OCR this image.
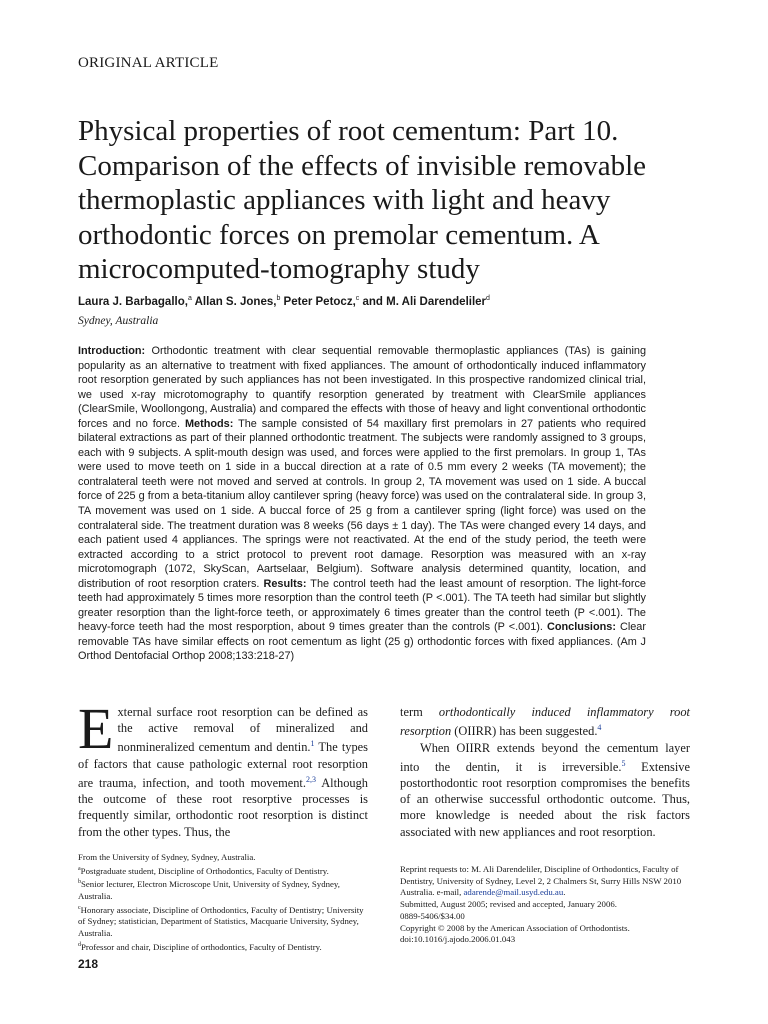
ORIGINAL ARTICLE
Physical properties of root cementum: Part 10. Comparison of the effects of invisible removable thermoplastic appliances with light and heavy orthodontic forces on premolar cementum. A microcomputed-tomography study
Laura J. Barbagallo,$^a$ Allan S. Jones,$^b$ Peter Petocz,$^c$ and M. Ali Darendeliler$^d$
Sydney, Australia
Introduction: Orthodontic treatment with clear sequential removable thermoplastic appliances (TAs) is gaining popularity as an alternative to treatment with fixed appliances. The amount of orthodontically induced inflammatory root resorption generated by such appliances has not been investigated. In this prospective randomized clinical trial, we used x-ray microtomography to quantify resorption generated by treatment with ClearSmile appliances (ClearSmile, Woollongong, Australia) and compared the effects with those of heavy and light conventional orthodontic forces and no force. Methods: The sample consisted of 54 maxillary first premolars in 27 patients who required bilateral extractions as part of their planned orthodontic treatment. The subjects were randomly assigned to 3 groups, each with 9 subjects. A split-mouth design was used, and forces were applied to the first premolars. In group 1, TAs were used to move teeth on 1 side in a buccal direction at a rate of 0.5 mm every 2 weeks (TA movement); the contralateral teeth were not moved and served at controls. In group 2, TA movement was used on 1 side. A buccal force of 225 g from a beta-titanium alloy cantilever spring (heavy force) was used on the contralateral side. In group 3, TA movement was used on 1 side. A buccal force of 25 g from a cantilever spring (light force) was used on the contralateral side. The treatment duration was 8 weeks (56 days ± 1 day). The TAs were changed every 14 days, and each patient used 4 appliances. The springs were not reactivated. At the end of the study period, the teeth were extracted according to a strict protocol to prevent root damage. Resorption was measured with an x-ray microtomograph (1072, SkyScan, Aartselaar, Belgium). Software analysis determined quantity, location, and distribution of root resorption craters. Results: The control teeth had the least amount of resorption. The light-force teeth had approximately 5 times more resorption than the control teeth (P <.001). The TA teeth had similar but slightly greater resorption than the light-force teeth, or approximately 6 times greater than the control teeth (P <.001). The heavy-force teeth had the most resporption, about 9 times greater than the controls (P <.001). Conclusions: Clear removable TAs have similar effects on root cementum as light (25 g) orthodontic forces with fixed appliances. (Am J Orthod Dentofacial Orthop 2008;133:218-27)

External surface root resorption can be defined as the active removal of mineralized and nonmineralized cementum and dentin.$^1$ The types of factors that cause pathologic external root resorption are trauma, infection, and tooth movement.$^{2,3}$ Although the outcome of these root resorptive processes is frequently similar, orthodontic root resorption is distinct from the other types. Thus, the

term orthodontically induced inflammatory root resorption (OIIRR) has been suggested.$^4$

When OIIRR extends beyond the cementum layer into the dentin, it is irreversible.$^5$ Extensive postorthodontic root resorption compromises the benefits of an otherwise successful orthodontic outcome. Thus, more knowledge is needed about the risk factors associated with new appliances and root resorption.

From the University of Sydney, Sydney, Australia.
$^a$Postgraduate student, Discipline of Orthodontics, Faculty of Dentistry.
$^b$Senior lecturer, Electron Microscope Unit, University of Sydney, Sydney, Australia.
$^c$Honorary associate, Discipline of Orthodontics, Faculty of Dentistry; University of Sydney; statistician, Department of Statistics, Macquarie University, Sydney, Australia.
$^d$Professor and chair, Discipline of orthodontics, Faculty of Dentistry.
Reprint requests to: M. Ali Darendeliler, Discipline of Orthodontics, Faculty of Dentistry, University of Sydney, Level 2, 2 Chalmers St, Surry Hills NSW 2010 Australia. e-mail, adarende@mail.usyd.edu.au.
Submitted, August 2005; revised and accepted, January 2006.
0889-5406/$34.00
Copyright © 2008 by the American Association of Orthodontists.
doi:10.1016/j.ajodo.2006.01.043
218
